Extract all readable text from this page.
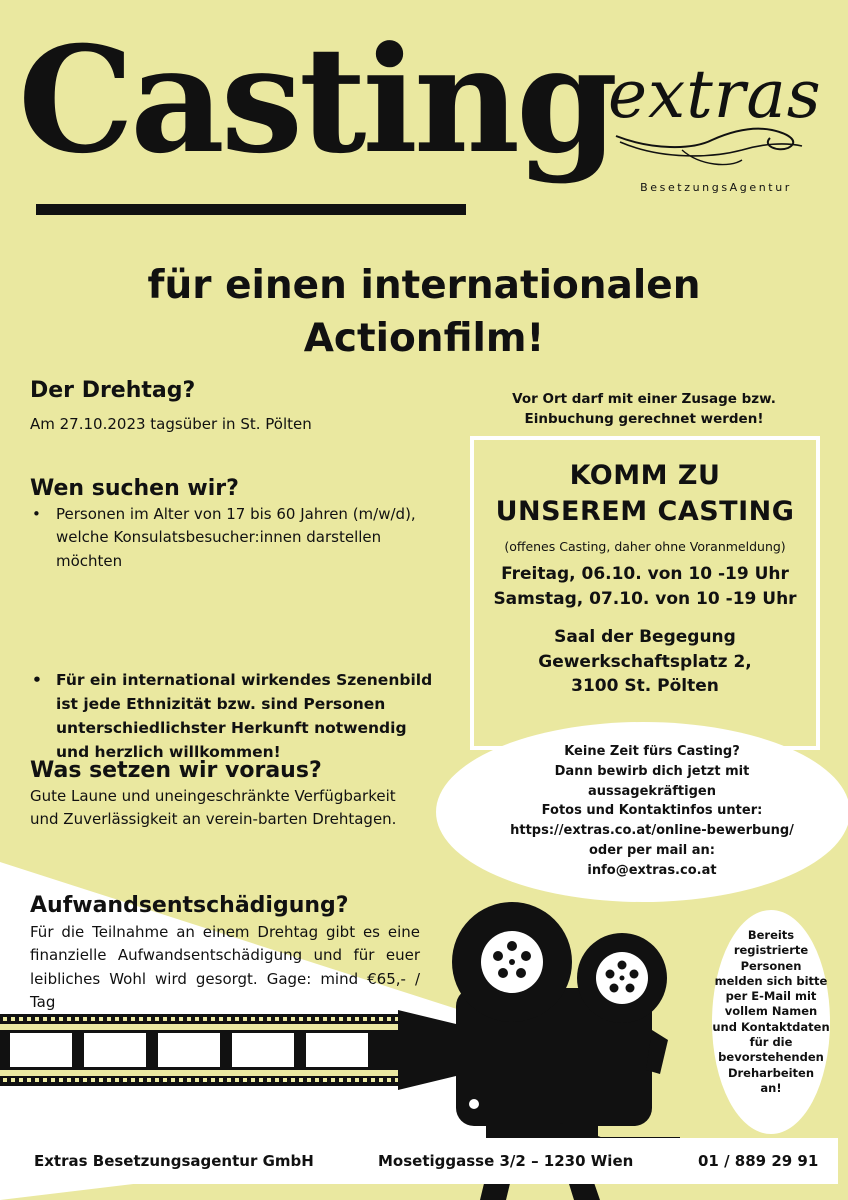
Casting
extras
BesetzungsAgentur
für einen internationalen
Actionfilm!
Der Drehtag?
Am 27.10.2023 tagsüber in St. Pölten
Wen suchen wir?
• Personen im Alter von 17 bis 60 Jahren (m/w/d), welche Konsulatsbesucher:innen darstellen möchten
• Für ein international wirkendes Szenenbild ist jede Ethnizität bzw. sind Personen unterschiedlichster Herkunft notwendig und herzlich willkommen!
Was setzen wir voraus?
Gute Laune und uneingeschränkte Verfügbarkeit und Zuverlässigkeit an verein-barten Drehtagen.
Aufwandsentschädigung?
Für die Teilnahme an einem Drehtag gibt es eine finanzielle Aufwandsentschädigung und für euer leibliches Wohl wird gesorgt. Gage: mind €65,- / Tag
Vor Ort darf mit einer Zusage bzw.
Einbuchung gerechnet werden!
KOMM ZU
UNSEREM CASTING
(offenes Casting, daher ohne Voranmeldung)
Freitag, 06.10. von 10 -19 Uhr
Samstag, 07.10. von 10 -19 Uhr
Saal der Begegung
Gewerkschaftsplatz 2,
3100 St. Pölten
Keine Zeit fürs Casting?
Dann bewirb dich jetzt mit
aussagekräftigen
Fotos und Kontaktinfos unter:
https://extras.co.at/online-bewerbung/
oder per mail an:
info@extras.co.at
Bereits
registrierte
Personen
melden sich bitte
per E-Mail mit
vollem Namen
und Kontaktdaten
für die
bevorstehenden
Dreharbeiten
an!
Extras Besetzungsagentur GmbH	Mosetiggasse 3/2 – 1230 Wien	01 / 889 29 91
